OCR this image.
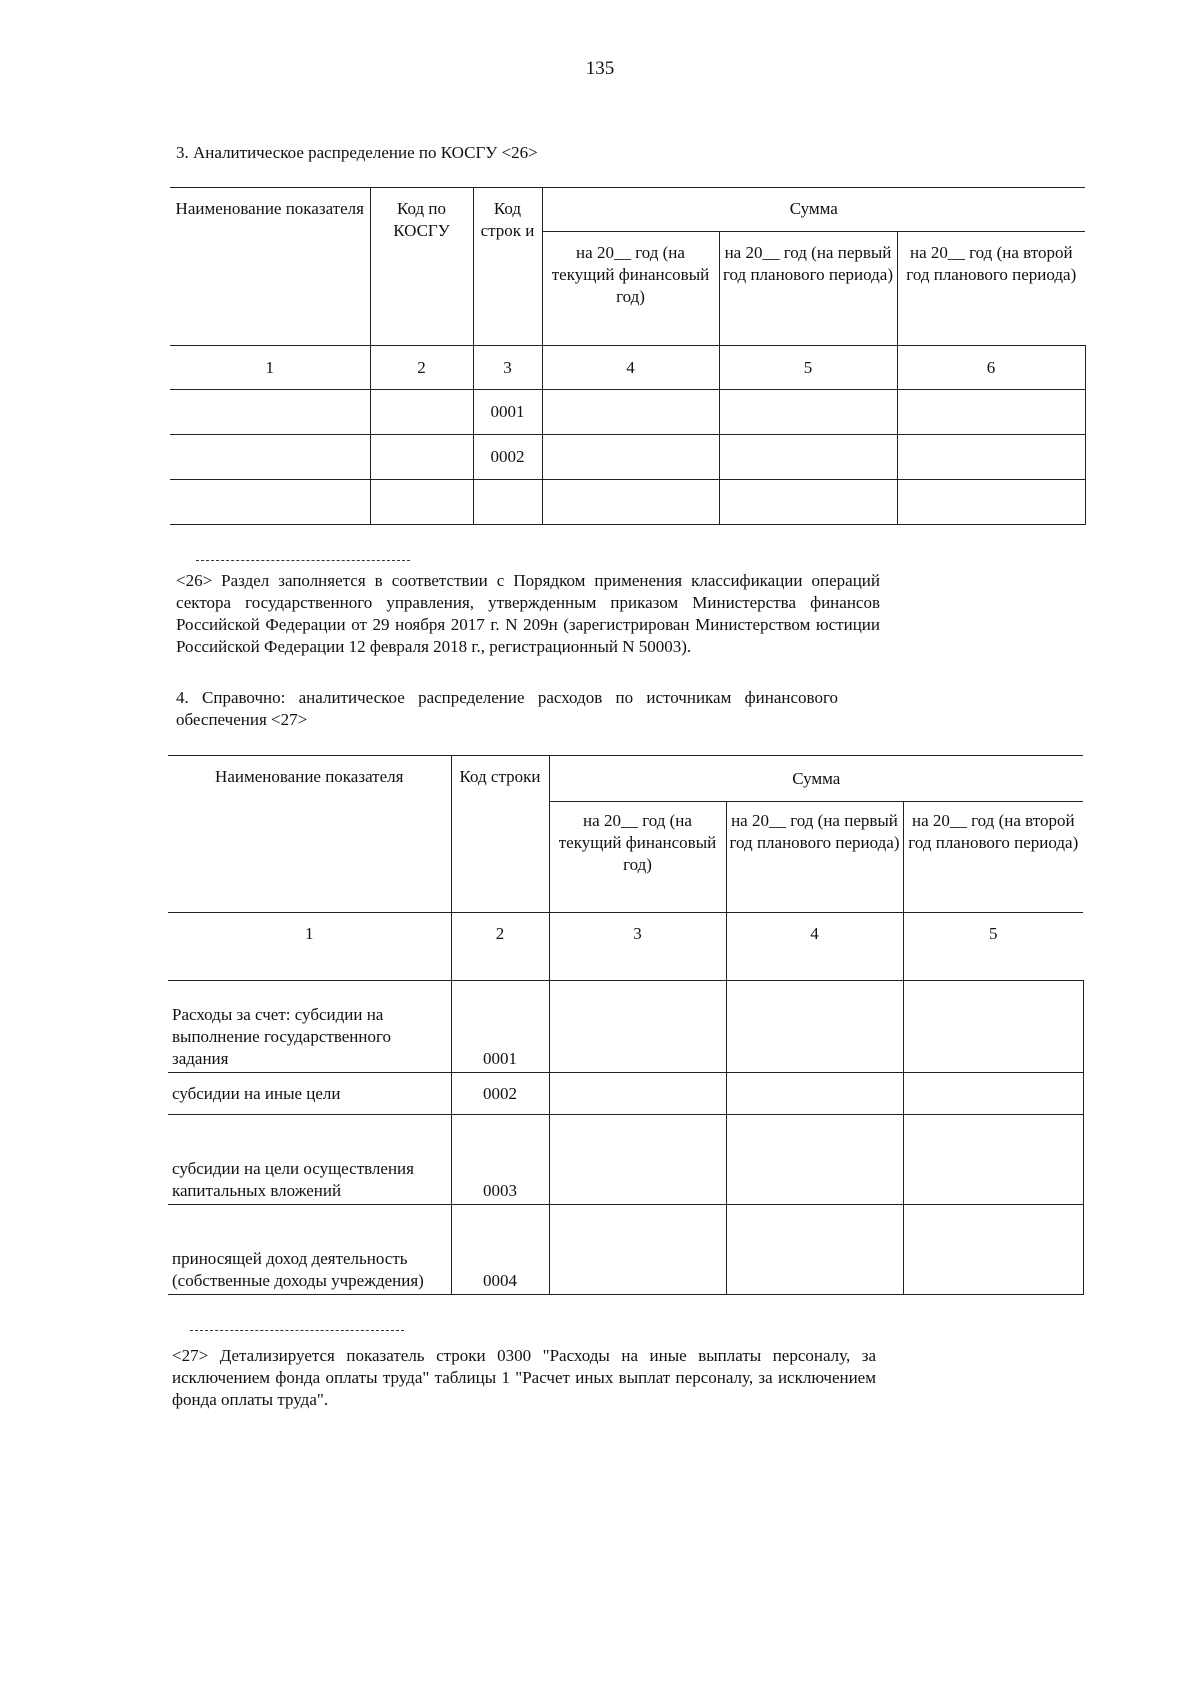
135
3. Аналитическое распределение по КОСГУ <26>
Наименование показателя	Код по КОСГУ	Код строк и	Сумма		
			на 20__ год (на текущий финансовый год)	на 20__ год (на первый год планового периода)	на 20__ год (на второй год планового периода)
1	2	3	4	5	6
		0001			
		0002			

<26> Раздел заполняется в соответствии с Порядком применения классификации операций сектора государственного управления, утвержденным приказом Министерства финансов Российской Федерации от 29 ноября 2017 г. N 209н (зарегистрирован Министерством юстиции Российской Федерации 12 февраля 2018 г., регистрационный N 50003).
4. Справочно: аналитическое распределение расходов по источникам финансового обеспечения <27>
Наименование показателя	Код строки	Сумма		
		на 20__ год (на текущий финансовый год)	на 20__ год (на первый год планового периода)	на 20__ год (на второй год планового периода)
1	2	3	4	5
Расходы за счет: субсидии на выполнение государственного задания	0001			
субсидии на иные цели	0002			
субсидии на цели осуществления капитальных вложений	0003			
приносящей доход деятельность (собственные доходы учреждения)	0004			
<27> Детализируется показатель строки 0300 "Расходы на иные выплаты персоналу, за исключением фонда оплаты труда" таблицы 1 "Расчет иных выплат персоналу, за исключением фонда оплаты труда".
